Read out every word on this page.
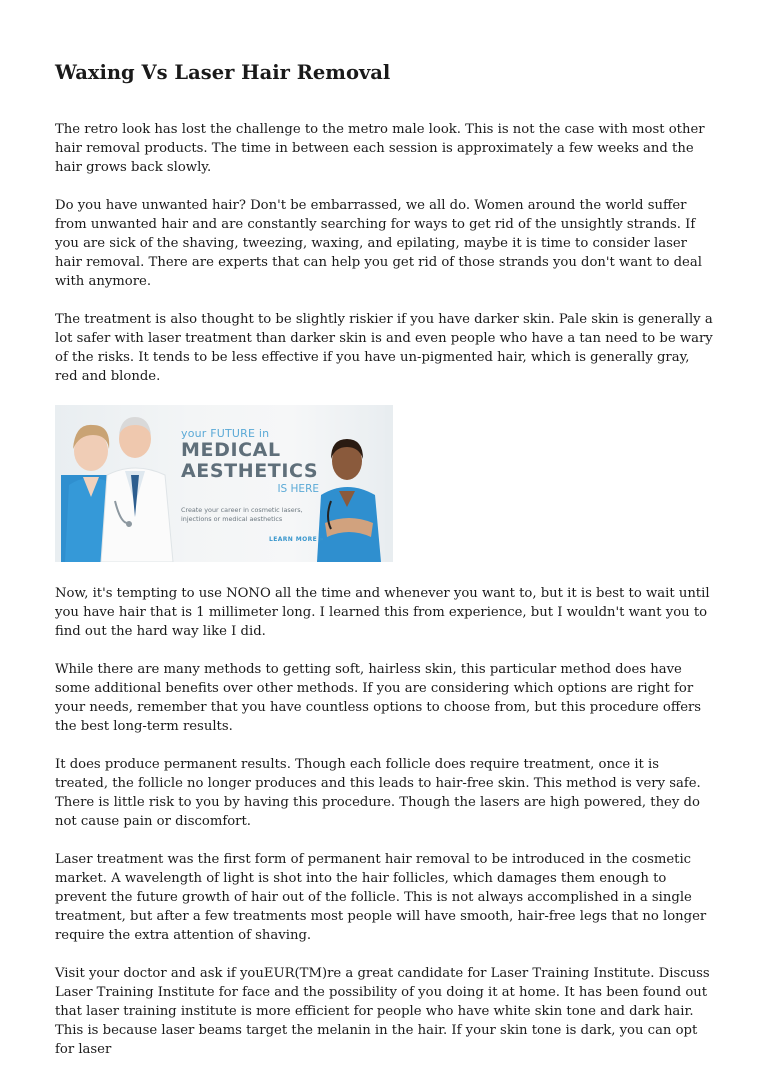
Waxing Vs Laser Hair Removal

The retro look has lost the challenge to the metro male look. This is not the case with most other hair removal products. The time in between each session is approximately a few weeks and the hair grows back slowly.

Do you have unwanted hair? Don't be embarrassed, we all do. Women around the world suffer from unwanted hair and are constantly searching for ways to get rid of the unsightly strands. If you are sick of the shaving, tweezing, waxing, and epilating, maybe it is time to consider laser hair removal. There are experts that can help you get rid of those strands you don't want to deal with anymore.

The treatment is also thought to be slightly riskier if you have darker skin. Pale skin is generally a lot safer with laser treatment than darker skin is and even people who have a tan need to be wary of the risks. It tends to be less effective if you have un-pigmented hair, which is generally gray, red and blonde.

your FUTURE in
MEDICAL
AESTHETICS
IS HERE
Create your career in cosmetic lasers, injections or medical aesthetics
LEARN MORE »

Now, it's tempting to use NONO all the time and whenever you want to, but it is best to wait until you have hair that is 1 millimeter long. I learned this from experience, but I wouldn't want you to find out the hard way like I did.

While there are many methods to getting soft, hairless skin, this particular method does have some additional benefits over other methods. If you are considering which options are right for your needs, remember that you have countless options to choose from, but this procedure offers the best long-term results.

It does produce permanent results. Though each follicle does require treatment, once it is treated, the follicle no longer produces and this leads to hair-free skin. This method is very safe. There is little risk to you by having this procedure. Though the lasers are high powered, they do not cause pain or discomfort.

Laser treatment was the first form of permanent hair removal to be introduced in the cosmetic market. A wavelength of light is shot into the hair follicles, which damages them enough to prevent the future growth of hair out of the follicle. This is not always accomplished in a single treatment, but after a few treatments most people will have smooth, hair-free legs that no longer require the extra attention of shaving.

Visit your doctor and ask if youEUR(TM)re a great candidate for Laser Training Institute. Discuss Laser Training Institute for face and the possibility of you doing it at home. It has been found out that laser training institute is more efficient for people who have white skin tone and dark hair. This is because laser beams target the melanin in the hair. If your skin tone is dark, you can opt for laser
